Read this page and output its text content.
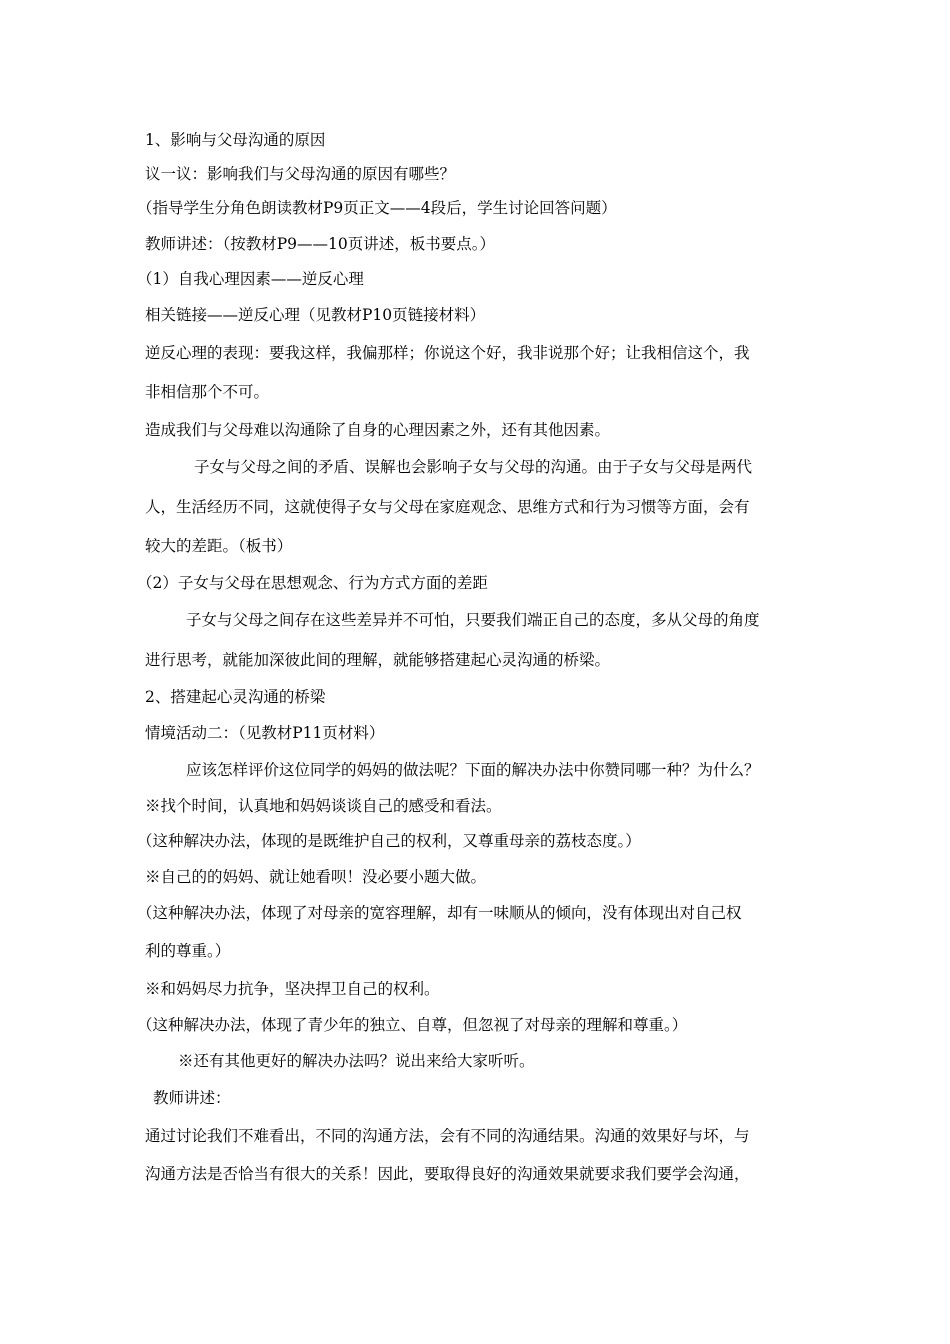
1、影响与父母沟通的原因
议一议：影响我们与父母沟通的原因有哪些？
（指导学生分角色朗读教材P9页正文——4段后，学生讨论回答问题）
教师讲述：（按教材P9——10页讲述，板书要点。）
（1）自我心理因素——逆反心理
相关链接——逆反心理（见教材P10页链接材料）
逆反心理的表现：要我这样，我偏那样；你说这个好，我非说那个好；让我相信这个，我
非相信那个不可。
造成我们与父母难以沟通除了自身的心理因素之外，还有其他因素。
子女与父母之间的矛盾、误解也会影响子女与父母的沟通。由于子女与父母是两代
人，生活经历不同，这就使得子女与父母在家庭观念、思维方式和行为习惯等方面，会有
较大的差距。（板书）
（2）子女与父母在思想观念、行为方式方面的差距
子女与父母之间存在这些差异并不可怕，只要我们端正自己的态度，多从父母的角度
进行思考，就能加深彼此间的理解，就能够搭建起心灵沟通的桥梁。
2、搭建起心灵沟通的桥梁
情境活动二：（见教材P11页材料）
应该怎样评价这位同学的妈妈的做法呢？下面的解决办法中你赞同哪一种？为什么？
※找个时间，认真地和妈妈谈谈自己的感受和看法。
（这种解决办法，体现的是既维护自己的权利，又尊重母亲的荔枝态度。）
※自己的的妈妈、就让她看呗！没必要小题大做。
（这种解决办法，体现了对母亲的宽容理解，却有一味顺从的倾向，没有体现出对自己权
利的尊重。）
※和妈妈尽力抗争，坚决捍卫自己的权利。
（这种解决办法，体现了青少年的独立、自尊，但忽视了对母亲的理解和尊重。）
※还有其他更好的解决办法吗？说出来给大家听听。
教师讲述：
通过讨论我们不难看出，不同的沟通方法，会有不同的沟通结果。沟通的效果好与坏，与
沟通方法是否恰当有很大的关系！因此，要取得良好的沟通效果就要求我们要学会沟通，
